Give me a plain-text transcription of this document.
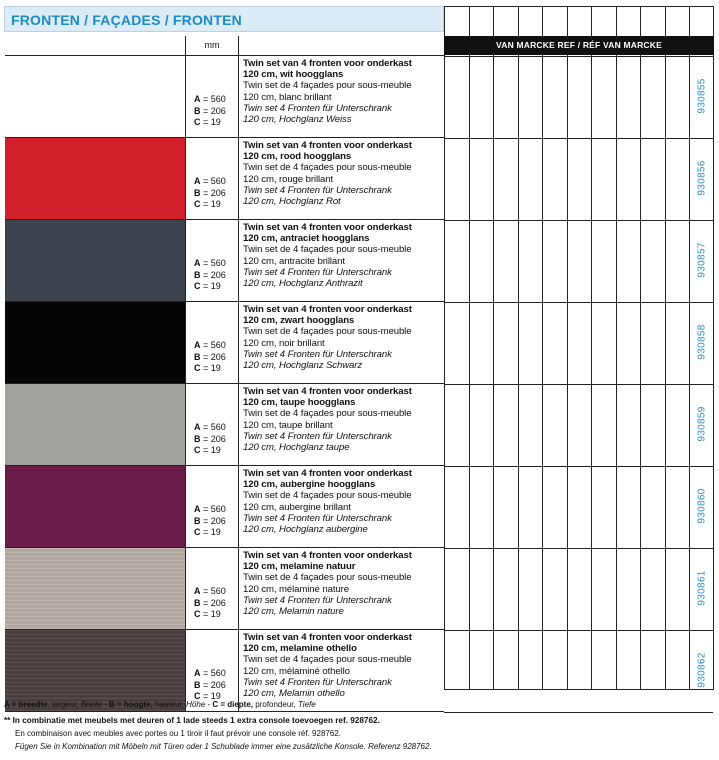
FRONTEN / FAÇADES / FRONTEN
VAN MARCKE REF / RÉF VAN MARCKE
mm
A = 560
B = 206
C = 19
Twin set van 4 fronten voor onderkast
120 cm, wit hoogglans
Twin set de 4 façades pour sous-meuble
120 cm, blanc brillant
Twin set 4 Fronten für Unterschrank
120 cm, Hochglanz Weiss
A = 560
B = 206
C = 19
Twin set van 4 fronten voor onderkast
120 cm, rood hoogglans
Twin set de 4 façades pour sous-meuble
120 cm, rouge brillant
Twin set 4 Fronten für Unterschrank
120 cm, Hochglanz Rot
A = 560
B = 206
C = 19
Twin set van 4 fronten voor onderkast
120 cm, antraciet hoogglans
Twin set de 4 façades pour sous-meuble
120 cm, antracite brillant
Twin set 4 Fronten für Unterschrank
120 cm, Hochglanz Anthrazit
A = 560
B = 206
C = 19
Twin set van 4 fronten voor onderkast
120 cm, zwart hoogglans
Twin set de 4 façades pour sous-meuble
120 cm, noir brillant
Twin set 4 Fronten für Unterschrank
120 cm, Hochglanz Schwarz
A = 560
B = 206
C = 19
Twin set van 4 fronten voor onderkast
120 cm, taupe hoogglans
Twin set de 4 façades pour sous-meuble
120 cm, taupe brillant
Twin set 4 Fronten für Unterschrank
120 cm, Hochglanz taupe
A = 560
B = 206
C = 19
Twin set van 4 fronten voor onderkast
120 cm, aubergine hoogglans
Twin set de 4 façades pour sous-meuble
120 cm, aubergine brillant
Twin set 4 Fronten für Unterschrank
120 cm, Hochglanz aubergine
A = 560
B = 206
C = 19
Twin set van 4 fronten voor onderkast
120 cm, melamine natuur
Twin set de 4 façades pour sous-meuble
120 cm, mélaminé nature
Twin set 4 Fronten für Unterschrank
120 cm, Melamin nature
A = 560
B = 206
C = 19
Twin set van 4 fronten voor onderkast
120 cm, melamine othello
Twin set de 4 façades pour sous-meuble
120 cm, mélaminé othello
Twin set 4 Fronten für Unterschrank
120 cm, Melamin othello
930855
930856
930857
930858
930859
930860
930861
930862
A = breedte, largeur, Breite - B = hoogte, hauteur, Höhe - C = diepte, profondeur, Tiefe
** In combinatie met meubels met deuren of 1 lade steeds 1 extra console toevoegen ref. 928762.
En combinaison avec meubles avec portes ou 1 tiroir il faut prévoir une console réf. 928762.
Fügen Sie in Kombination mit Möbeln mit Türen oder 1 Schublade immer eine zusätzliche Konsole. Referenz 928762.
